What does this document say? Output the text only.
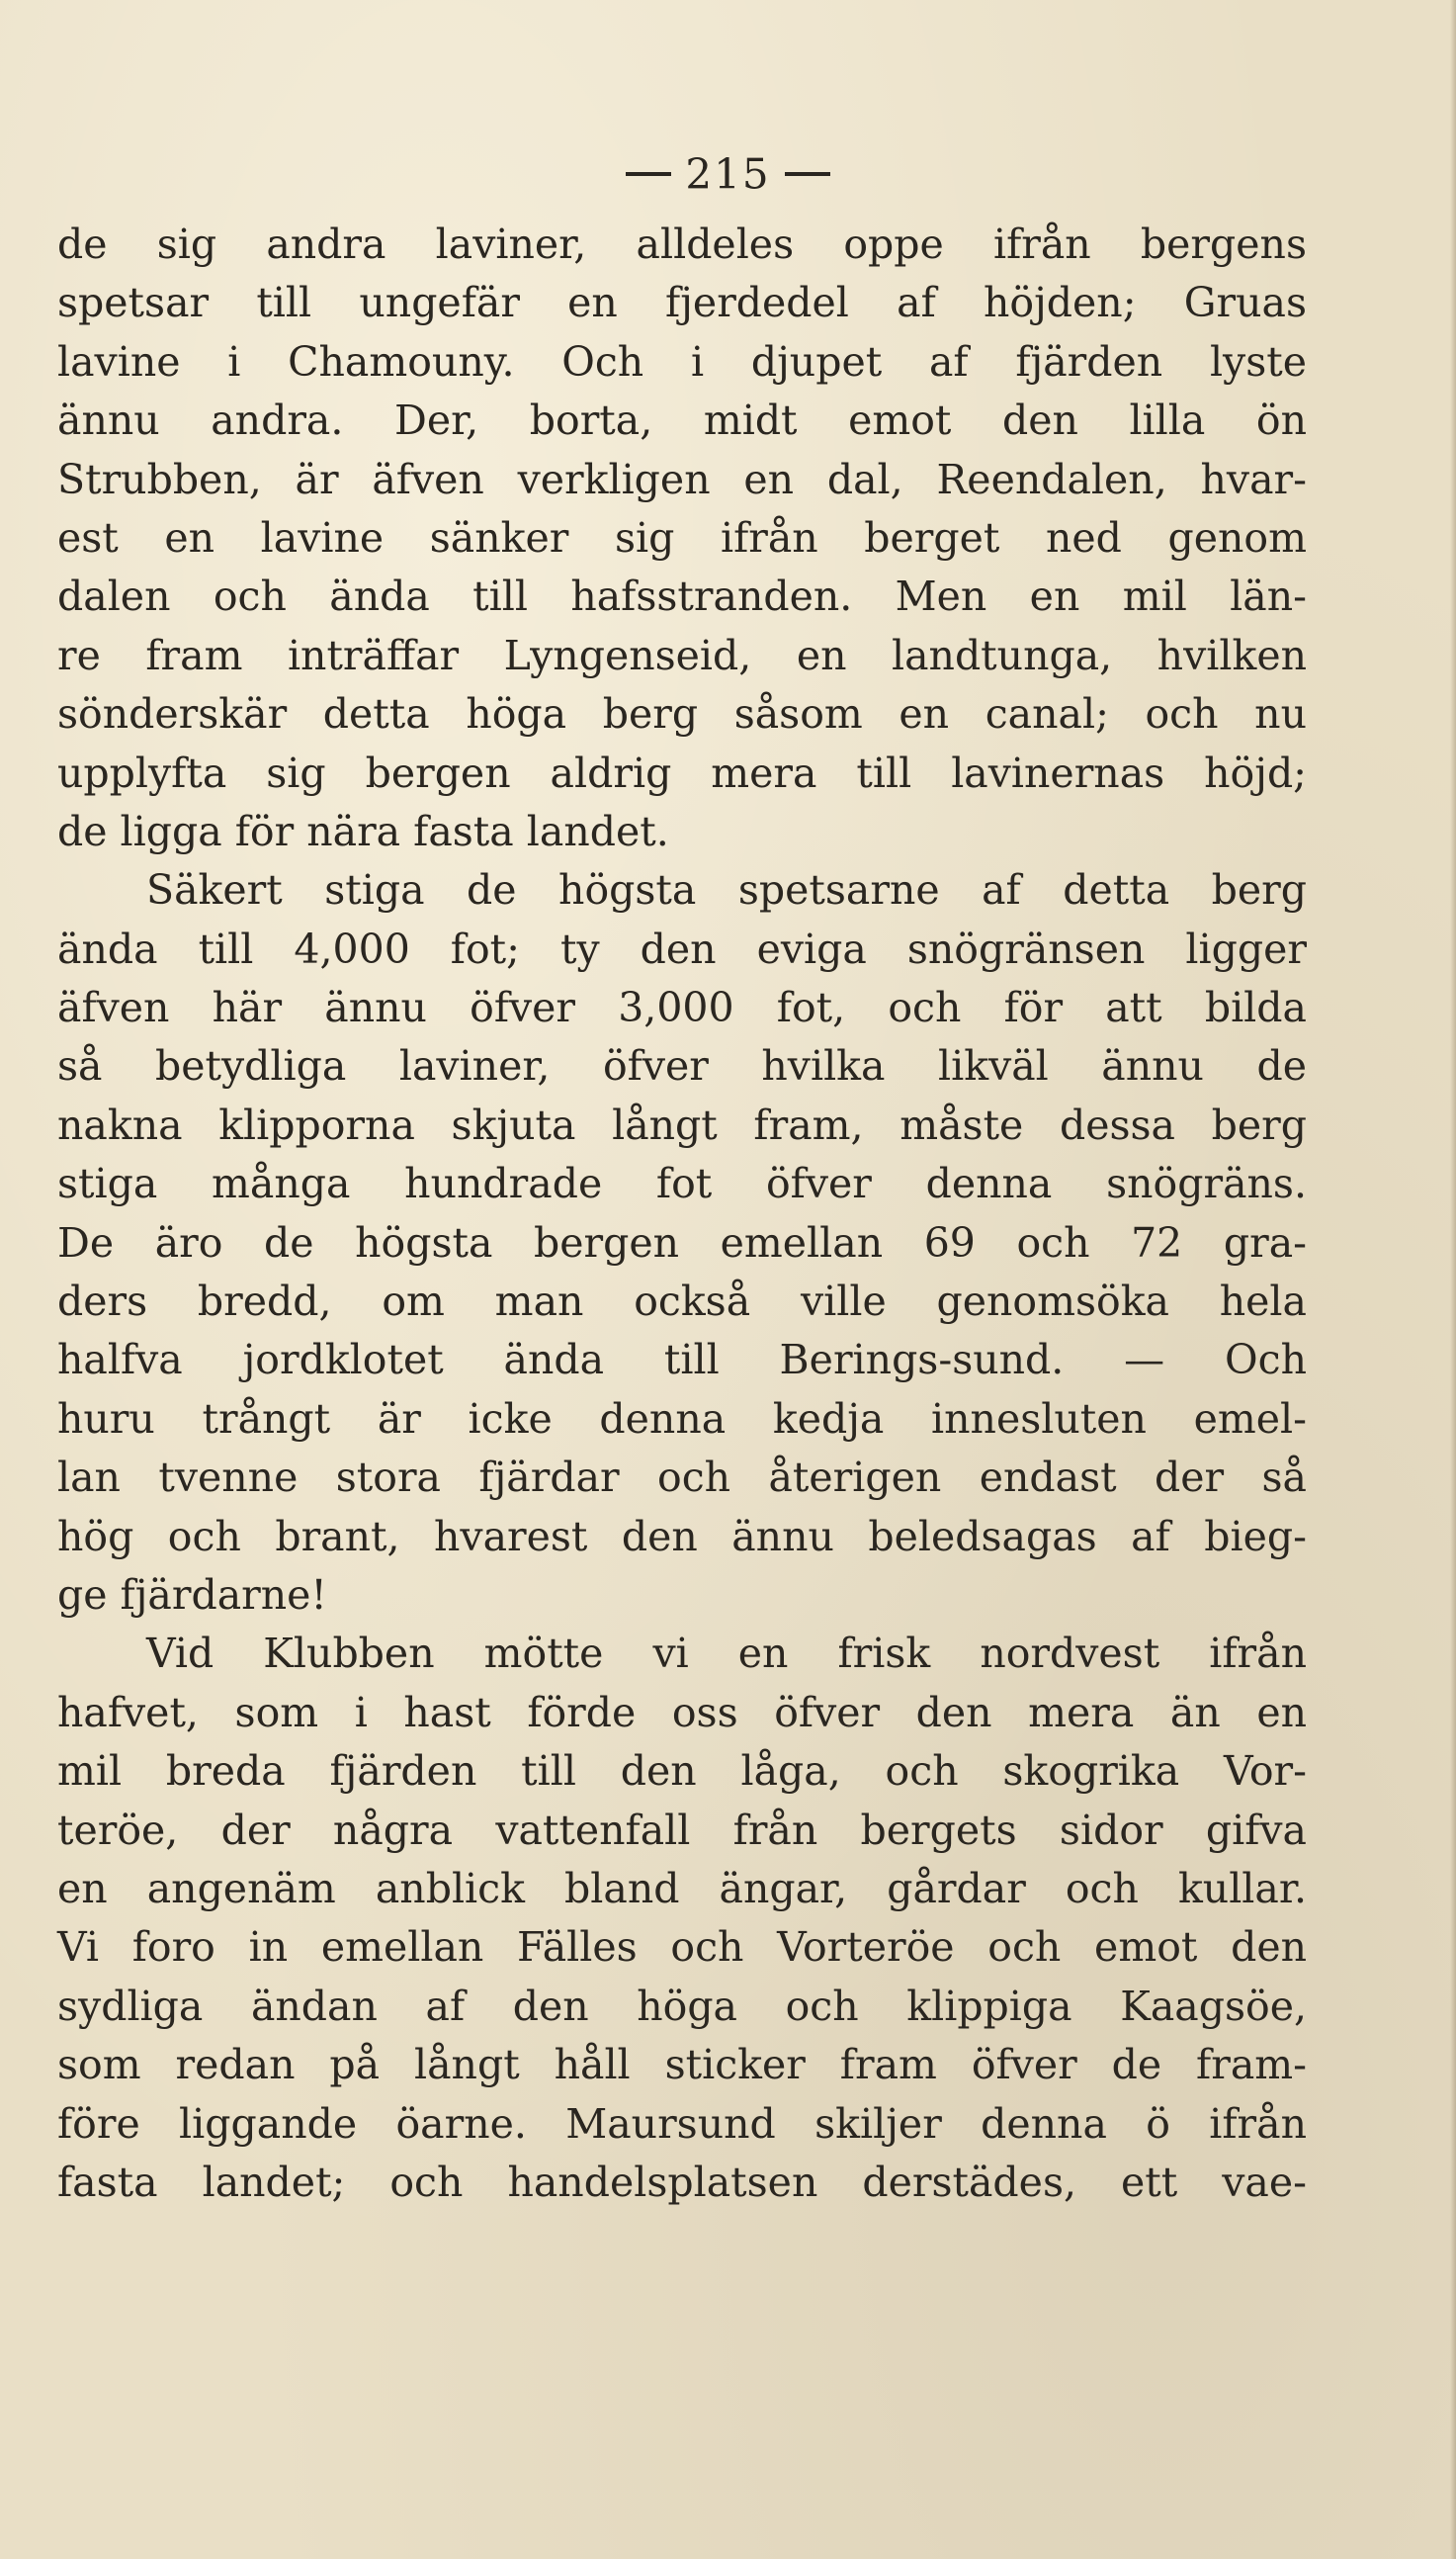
215
de sig andra laviner, alldeles oppe ifrån bergens
spetsar till ungefär en fjerdedel af höjden; Gruas
lavine i Chamouny. Och i djupet af fjärden lyste
ännu andra. Der, borta, midt emot den lilla ön
Strubben, är äfven verkligen en dal, Reendalen, hvar-
est en lavine sänker sig ifrån berget ned genom
dalen och ända till hafsstranden. Men en mil län-
re fram inträffar Lyngenseid, en landtunga, hvilken
sönderskär detta höga berg såsom en canal; och nu
upplyfta sig bergen aldrig mera till lavinernas höjd;
de ligga för nära fasta landet.
Säkert stiga de högsta spetsarne af detta berg
ända till 4,000 fot; ty den eviga snögränsen ligger
äfven här ännu öfver 3,000 fot, och för att bilda
så betydliga laviner, öfver hvilka likväl ännu de
nakna klipporna skjuta långt fram, måste dessa berg
stiga många hundrade fot öfver denna snögräns.
De äro de högsta bergen emellan 69 och 72 gra-
ders bredd, om man också ville genomsöka hela
halfva jordklotet ända till Berings-sund. — Och
huru trångt är icke denna kedja innesluten emel-
lan tvenne stora fjärdar och återigen endast der så
hög och brant, hvarest den ännu beledsagas af bieg-
ge fjärdarne!
Vid Klubben mötte vi en frisk nordvest ifrån
hafvet, som i hast förde oss öfver den mera än en
mil breda fjärden till den låga, och skogrika Vor-
teröe, der några vattenfall från bergets sidor gifva
en angenäm anblick bland ängar, gårdar och kullar.
Vi foro in emellan Fälles och Vorteröe och emot den
sydliga ändan af den höga och klippiga Kaagsöe,
som redan på långt håll sticker fram öfver de fram-
före liggande öarne. Maursund skiljer denna ö ifrån
fasta landet; och handelsplatsen derstädes, ett vae-
